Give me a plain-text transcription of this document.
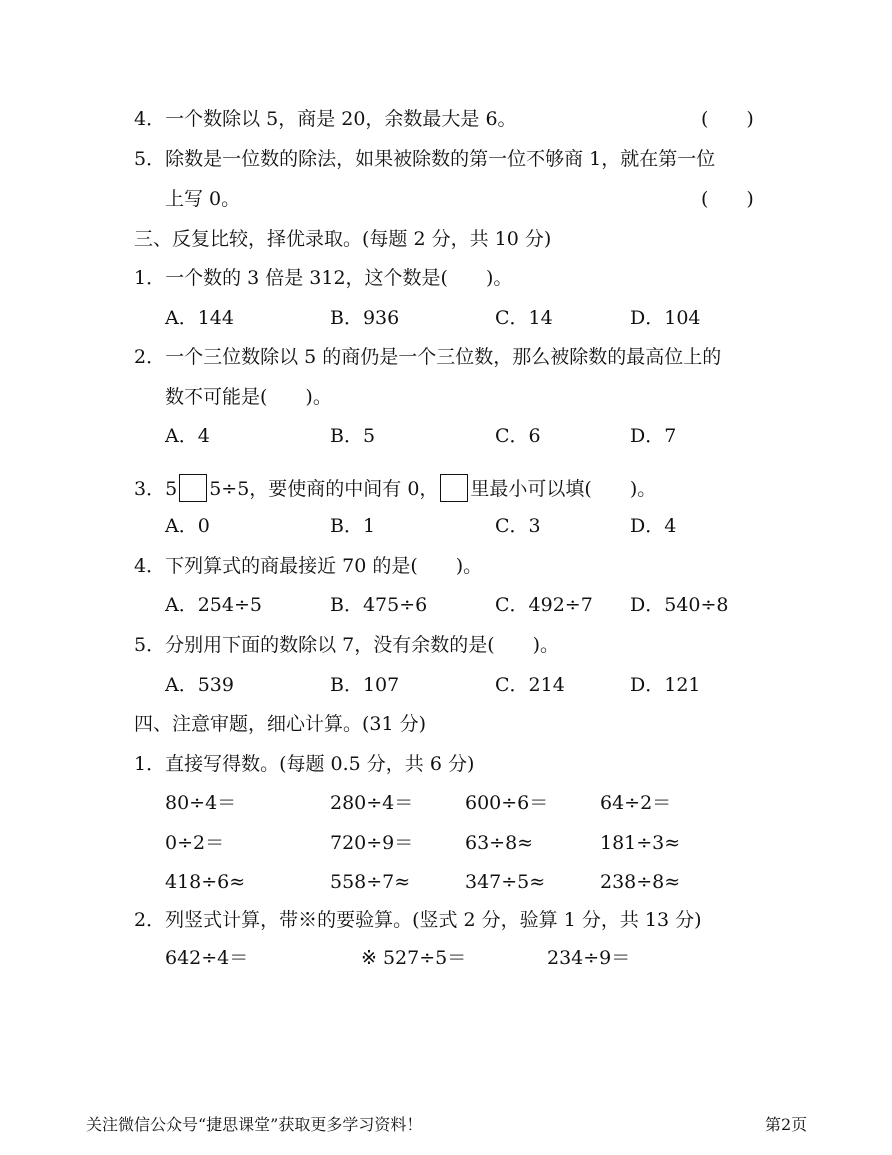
4．一个数除以 5，商是 20，余数最大是 6。	(　　)
5．除数是一位数的除法，如果被除数的第一位不够商 1，就在第一位
上写 0。	(　　)
三、反复比较，择优录取。(每题 2 分，共 10 分)
1．一个数的 3 倍是 312，这个数是(　　)。
A．144	B．936	C．14	D．104
2．一个三位数除以 5 的商仍是一个三位数，那么被除数的最高位上的
数不可能是(　　)。
A．4	B．5	C．6	D．7
3．5 5÷5，要使商的中间有 0， 里最小可以填(　　)。
A．0	B．1	C．3	D．4
4．下列算式的商最接近 70 的是(　　)。
A．254÷5	B．475÷6	C．492÷7 D．540÷8
5．分别用下面的数除以 7，没有余数的是(　　)。
A．539	B．107	C．214	D．121
四、注意审题，细心计算。(31 分)
1．直接写得数。(每题 0.5 分，共 6 分)
80÷4＝	280÷4＝	600÷6＝	64÷2＝
0÷2＝	720÷9＝	63÷8≈	181÷3≈
418÷6≈	558÷7≈	347÷5≈	238÷8≈
2．列竖式计算，带※的要验算。(竖式 2 分，验算 1 分，共 13 分)
642÷4＝	※ 527÷5＝	234÷9＝
关注微信公众号“捷思课堂”获取更多学习资料！	第2页
